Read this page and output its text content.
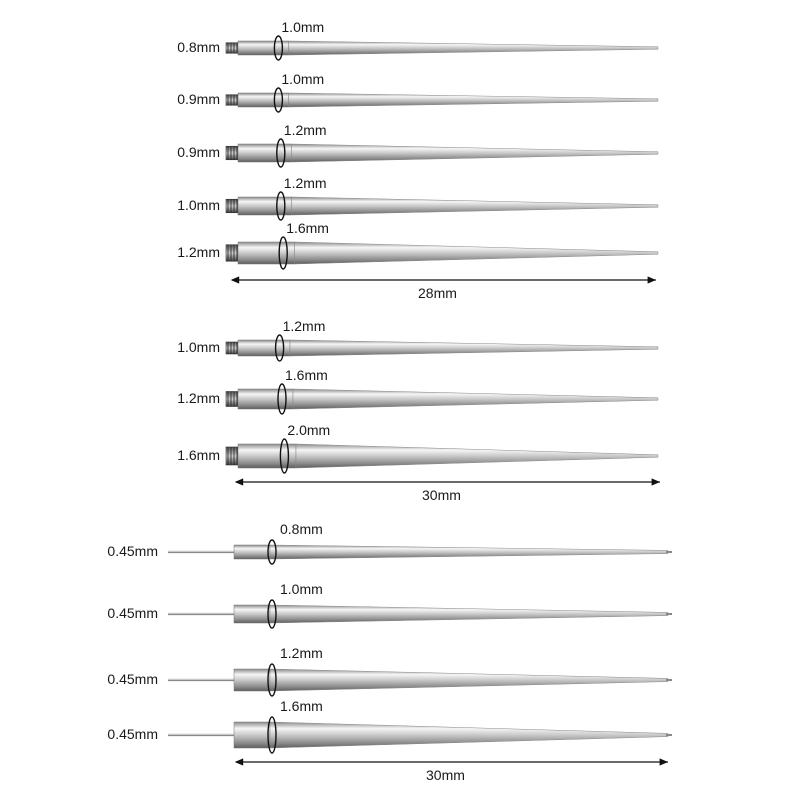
1.0mm
0.8mm
1.0mm
0.9mm
1.2mm
0.9mm
1.2mm
1.0mm
1.6mm
1.2mm
28mm
1.2mm
1.0mm
1.6mm
1.2mm
2.0mm
1.6mm
30mm
0.8mm
0.45mm
1.0mm
0.45mm
1.2mm
0.45mm
1.6mm
0.45mm
30mm
